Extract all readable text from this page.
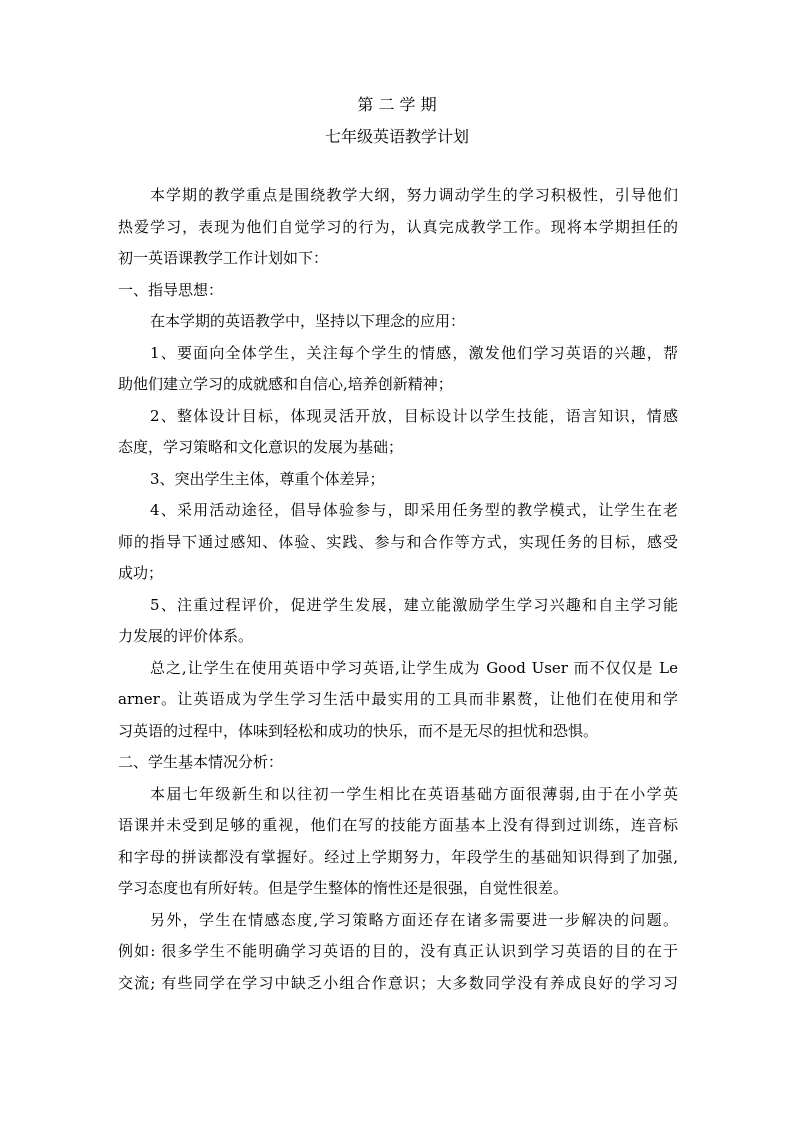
第 二 学 期
七年级英语教学计划
本学期的教学重点是围绕教学大纲，努力调动学生的学习积极性，引导他们
热爱学习，表现为他们自觉学习的行为，认真完成教学工作。现将本学期担任的
初一英语课教学工作计划如下：
一、指导思想：
在本学期的英语教学中，坚持以下理念的应用：
1、要面向全体学生，关注每个学生的情感，激发他们学习英语的兴趣，帮
助他们建立学习的成就感和自信心,培养创新精神；
2、整体设计目标，体现灵活开放，目标设计以学生技能，语言知识，情感
态度，学习策略和文化意识的发展为基础；
3、突出学生主体，尊重个体差异；
4、采用活动途径，倡导体验参与，即采用任务型的教学模式，让学生在老
师的指导下通过感知、体验、实践、参与和合作等方式，实现任务的目标，感受
成功；
5、注重过程评价，促进学生发展，建立能激励学生学习兴趣和自主学习能
力发展的评价体系。
总之,让学生在使用英语中学习英语,让学生成为 Good User 而不仅仅是 Le
arner。让英语成为学生学习生活中最实用的工具而非累赘，让他们在使用和学
习英语的过程中，体味到轻松和成功的快乐，而不是无尽的担忧和恐惧。
二、学生基本情况分析：
本届七年级新生和以往初一学生相比在英语基础方面很薄弱,由于在小学英
语课并未受到足够的重视，他们在写的技能方面基本上没有得到过训练，连音标
和字母的拼读都没有掌握好。经过上学期努力，年段学生的基础知识得到了加强,
学习态度也有所好转。但是学生整体的惰性还是很强，自觉性很差。
另外，学生在情感态度,学习策略方面还存在诸多需要进一步解决的问题。
例如: 很多学生不能明确学习英语的目的，没有真正认识到学习英语的目的在于
交流; 有些同学在学习中缺乏小组合作意识；大多数同学没有养成良好的学习习
